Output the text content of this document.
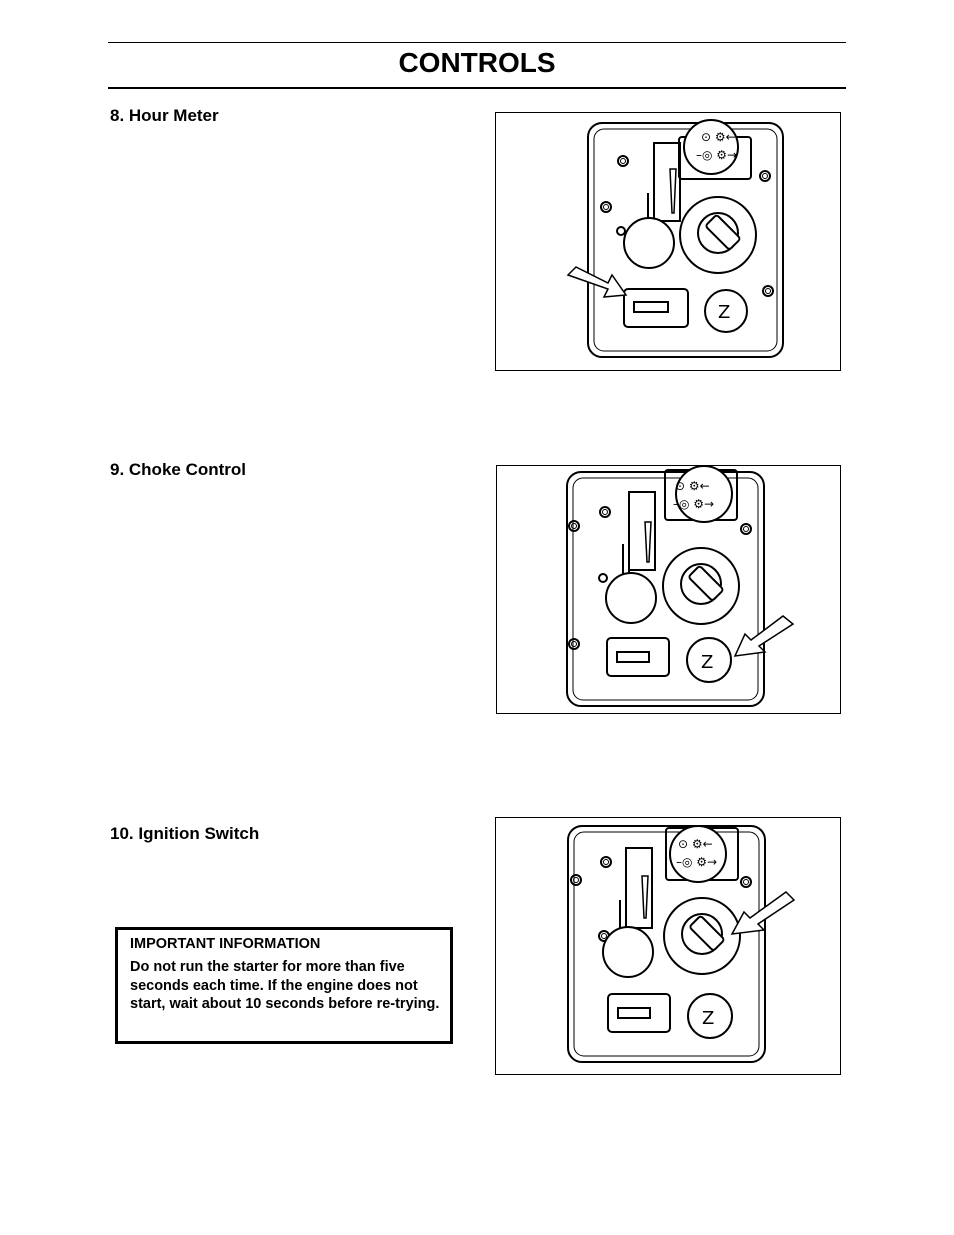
CONTROLS
8. Hour Meter
⊙ ⚙←
–◎ ⚙→
Z
9. Choke Control
⊙ ⚙←
–◎ ⚙→
Z
10. Ignition Switch
⊙ ⚙←
–◎ ⚙→
Z
IMPORTANT INFORMATION
Do not run the starter for more than five seconds each time. If the engine does not start, wait about 10 seconds before re-trying.
